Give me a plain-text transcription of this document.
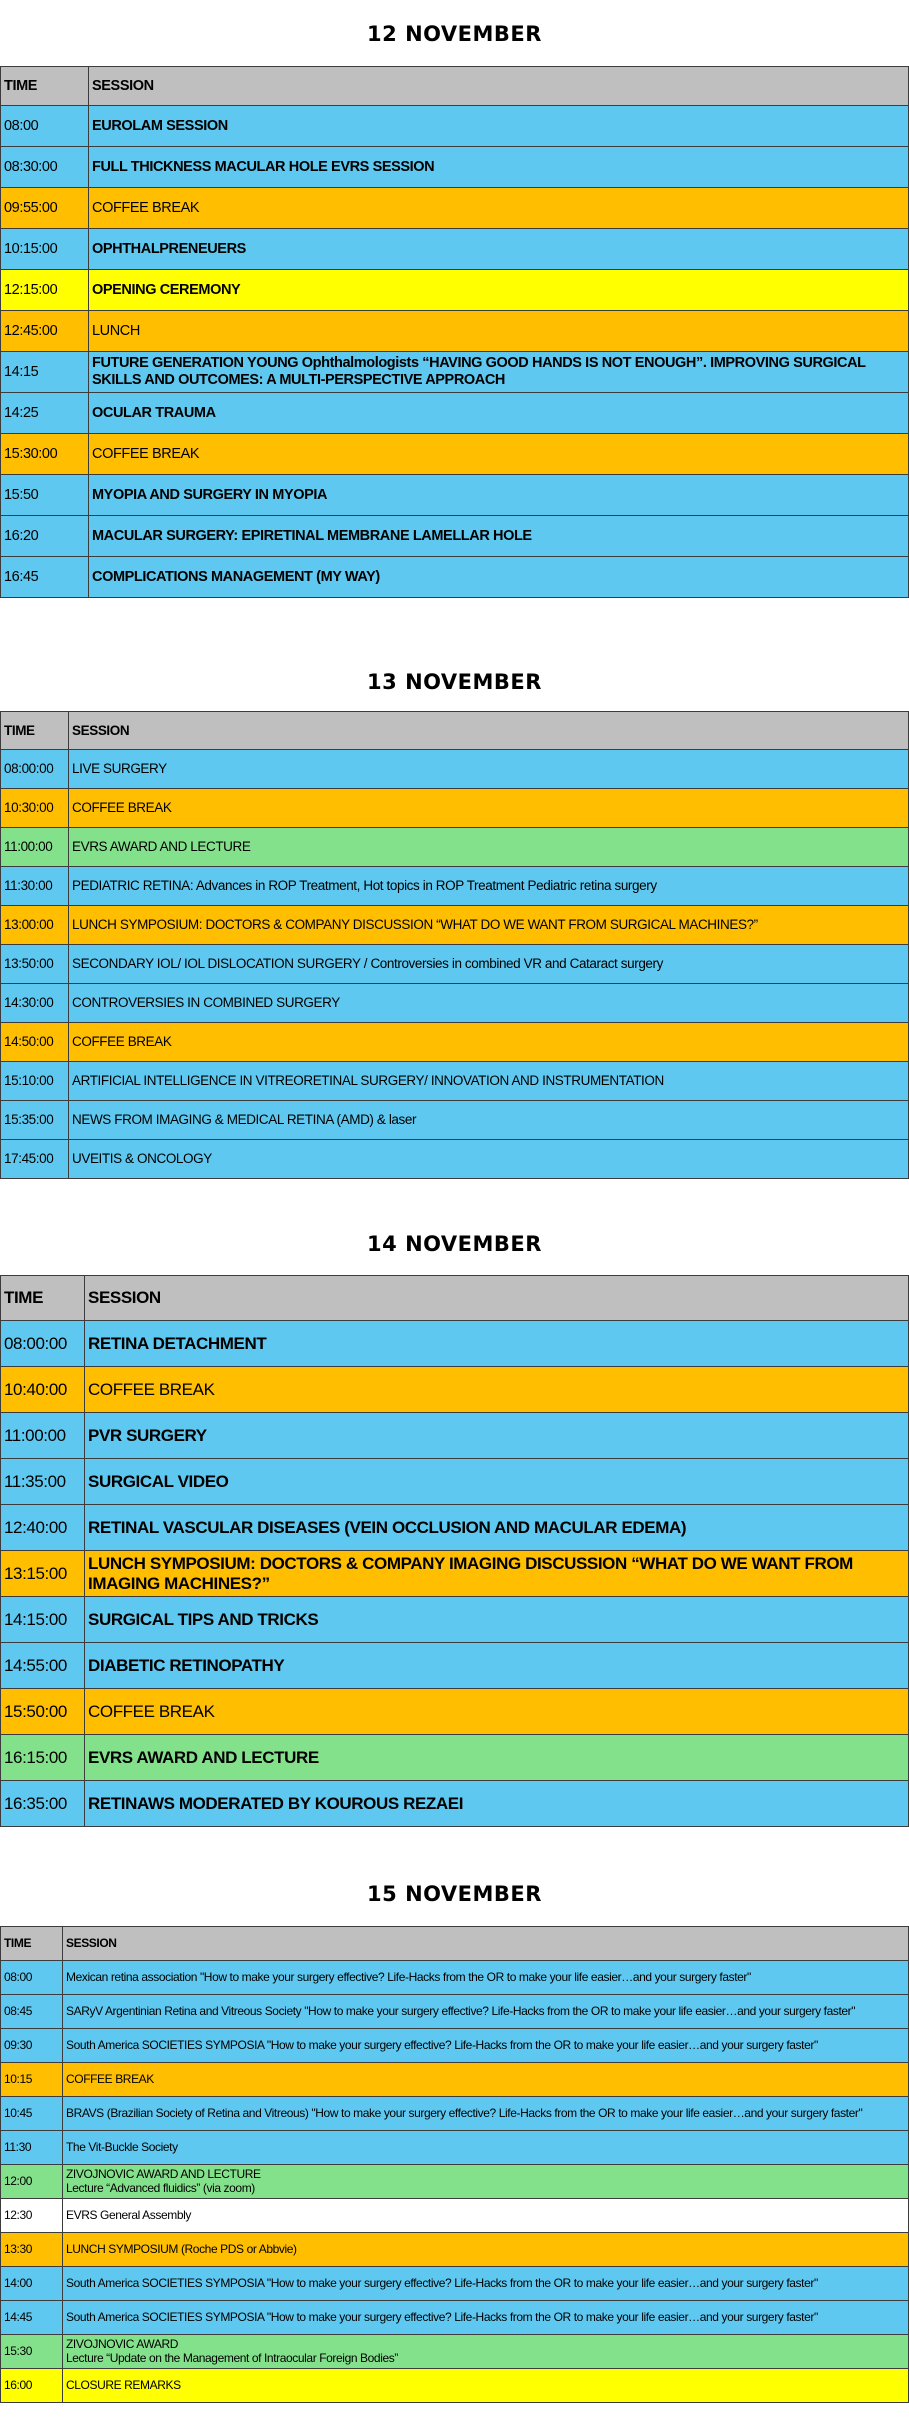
12 NOVEMBER
TIME	SESSION
08:00	EUROLAM SESSION

08:30:00	FULL THICKNESS MACULAR HOLE EVRS SESSION

09:55:00	COFFEE BREAK

10:15:00	OPHTHALPRENEUERS

12:15:00	OPENING CEREMONY

12:45:00	LUNCH

14:15	FUTURE GENERATION YOUNG Ophthalmologists “HAVING GOOD HANDS IS NOT ENOUGH”. IMPROVING SURGICAL SKILLS AND OUTCOMES: A MULTI-PERSPECTIVE APPROACH

14:25	OCULAR TRAUMA

15:30:00	COFFEE BREAK

15:50	MYOPIA AND SURGERY IN MYOPIA

16:20	MACULAR SURGERY: EPIRETINAL MEMBRANE LAMELLAR HOLE

16:45	COMPLICATIONS MANAGEMENT (MY WAY)
13 NOVEMBER
TIME	SESSION
08:00:00	LIVE SURGERY

10:30:00	COFFEE BREAK

11:00:00	EVRS AWARD AND LECTURE

11:30:00	PEDIATRIC RETINA: Advances in ROP Treatment, Hot topics in ROP Treatment Pediatric retina surgery

13:00:00	LUNCH SYMPOSIUM: DOCTORS & COMPANY DISCUSSION “WHAT DO WE WANT FROM SURGICAL MACHINES?”

13:50:00	SECONDARY IOL/ IOL DISLOCATION SURGERY / Controversies in combined VR and Cataract surgery

14:30:00	CONTROVERSIES IN COMBINED SURGERY

14:50:00	COFFEE BREAK

15:10:00	ARTIFICIAL INTELLIGENCE IN VITREORETINAL SURGERY/ INNOVATION AND INSTRUMENTATION

15:35:00	NEWS FROM IMAGING & MEDICAL RETINA (AMD) & laser

17:45:00	UVEITIS & ONCOLOGY
14 NOVEMBER
TIME	SESSION
08:00:00	RETINA DETACHMENT

10:40:00	COFFEE BREAK

11:00:00	PVR SURGERY

11:35:00	SURGICAL VIDEO

12:40:00	RETINAL VASCULAR DISEASES (VEIN OCCLUSION AND MACULAR EDEMA)

13:15:00	LUNCH SYMPOSIUM: DOCTORS & COMPANY IMAGING DISCUSSION “WHAT DO WE WANT FROM IMAGING MACHINES?”

14:15:00	SURGICAL TIPS AND TRICKS

14:55:00	DIABETIC RETINOPATHY

15:50:00	COFFEE BREAK

16:15:00	EVRS AWARD AND LECTURE

16:35:00	RETINAWS MODERATED BY KOUROUS REZAEI
15 NOVEMBER
TIME	SESSION
08:00	Mexican retina association "How to make your surgery effective? Life-Hacks from the OR to make your life easier…and your surgery faster"

08:45	SARyV Argentinian Retina and Vitreous Society "How to make your surgery effective? Life-Hacks from the OR to make your life easier…and your surgery faster"

09:30	South America SOCIETIES SYMPOSIA "How to make your surgery effective? Life-Hacks from the OR to make your life easier…and your surgery faster"

10:15	COFFEE BREAK

10:45	BRAVS (Brazilian Society of Retina and Vitreous) "How to make your surgery effective? Life-Hacks from the OR to make your life easier…and your surgery faster"

11:30	The Vit-Buckle Society

12:00	ZIVOJNOVIC AWARD AND LECTURE
Lecture “Advanced fluidics” (via zoom)

12:30	EVRS General Assembly

13:30	LUNCH SYMPOSIUM (Roche PDS or Abbvie)

14:00	South America SOCIETIES SYMPOSIA "How to make your surgery effective? Life-Hacks from the OR to make your life easier…and your surgery faster"

14:45	South America SOCIETIES SYMPOSIA "How to make your surgery effective? Life-Hacks from the OR to make your life easier…and your surgery faster"

15:30	ZIVOJNOVIC AWARD
Lecture “Update on the Management of Intraocular Foreign Bodies”

16:00	CLOSURE REMARKS
